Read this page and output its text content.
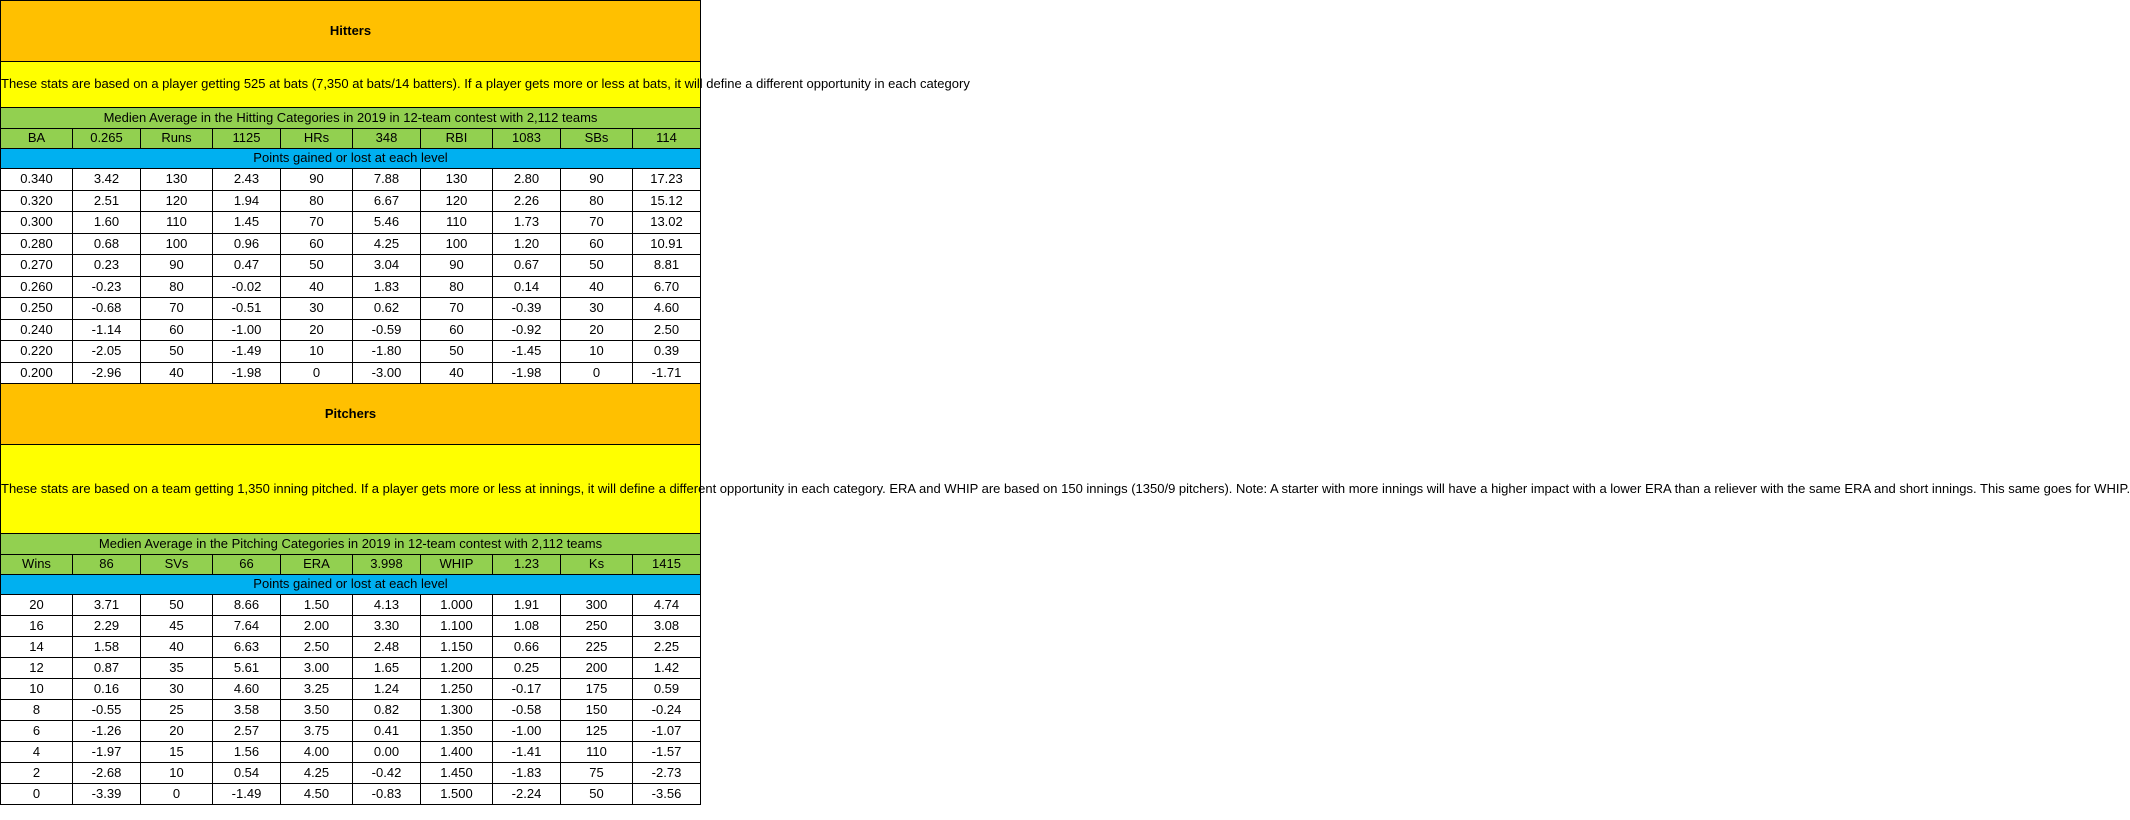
Hitters									
These stats are based on a player getting 525 at bats (7,350 at bats/14 batters). If a player gets more or less at bats, it will define a different opportunity in each category									
Medien Average in the Hitting Categories in 2019 in 12-team contest with 2,112 teams									
BA	0.265	Runs	1125	HRs	348	RBI	1083	SBs	114
Points gained or lost at each level									
0.340	3.42	130	2.43	90	7.88	130	2.80	90	17.23
0.320	2.51	120	1.94	80	6.67	120	2.26	80	15.12
0.300	1.60	110	1.45	70	5.46	110	1.73	70	13.02
0.280	0.68	100	0.96	60	4.25	100	1.20	60	10.91
0.270	0.23	90	0.47	50	3.04	90	0.67	50	8.81
0.260	-0.23	80	-0.02	40	1.83	80	0.14	40	6.70
0.250	-0.68	70	-0.51	30	0.62	70	-0.39	30	4.60
0.240	-1.14	60	-1.00	20	-0.59	60	-0.92	20	2.50
0.220	-2.05	50	-1.49	10	-1.80	50	-1.45	10	0.39
0.200	-2.96	40	-1.98	0	-3.00	40	-1.98	0	-1.71
Pitchers									
These stats are based on a team getting 1,350 inning pitched. If a player gets more or less at innings, it will define a different opportunity in each category. ERA and WHIP are based on 150 innings (1350/9 pitchers). Note: A starter with more innings will have a higher impact with a lower ERA than a reliever with the same ERA and short innings. This same goes for WHIP.									
Medien Average in the Pitching Categories in 2019 in 12-team contest with 2,112 teams									
Wins	86	SVs	66	ERA	3.998	WHIP	1.23	Ks	1415
Points gained or lost at each level									
20	3.71	50	8.66	1.50	4.13	1.000	1.91	300	4.74
16	2.29	45	7.64	2.00	3.30	1.100	1.08	250	3.08
14	1.58	40	6.63	2.50	2.48	1.150	0.66	225	2.25
12	0.87	35	5.61	3.00	1.65	1.200	0.25	200	1.42
10	0.16	30	4.60	3.25	1.24	1.250	-0.17	175	0.59
8	-0.55	25	3.58	3.50	0.82	1.300	-0.58	150	-0.24
6	-1.26	20	2.57	3.75	0.41	1.350	-1.00	125	-1.07
4	-1.97	15	1.56	4.00	0.00	1.400	-1.41	110	-1.57
2	-2.68	10	0.54	4.25	-0.42	1.450	-1.83	75	-2.73
0	-3.39	0	-1.49	4.50	-0.83	1.500	-2.24	50	-3.56
